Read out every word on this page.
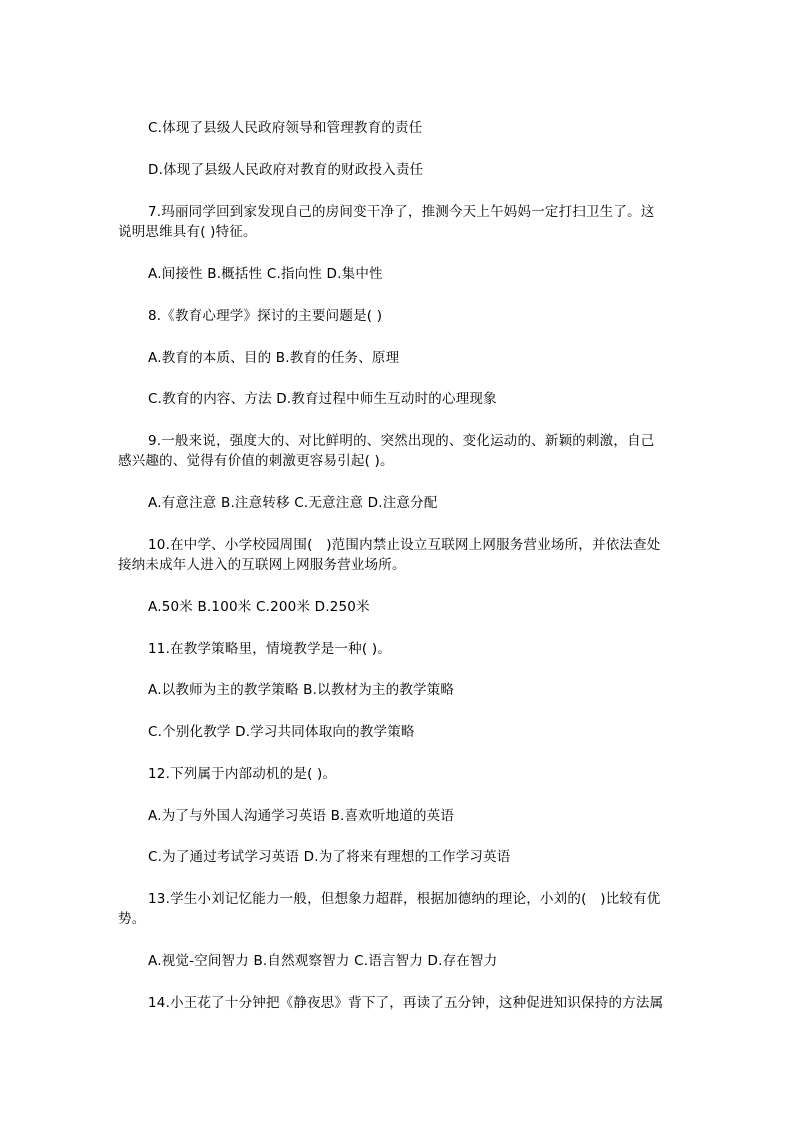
C.体现了县级人民政府领导和管理教育的责任
D.体现了县级人民政府对教育的财政投入责任
7.玛丽同学回到家发现自己的房间变干净了，推测今天上午妈妈一定打扫卫生了。这说明思维具有( )特征。
A.间接性 B.概括性 C.指向性 D.集中性
8.《教育心理学》探讨的主要问题是( )
A.教育的本质、目的 B.教育的任务、原理
C.教育的内容、方法 D.教育过程中师生互动时的心理现象
9.一般来说，强度大的、对比鲜明的、突然出现的、变化运动的、新颖的刺激，自己感兴趣的、觉得有价值的刺激更容易引起( )。
A.有意注意 B.注意转移 C.无意注意 D.注意分配
10.在中学、小学校园周围(　)范围内禁止设立互联网上网服务营业场所，并依法查处接纳未成年人进入的互联网上网服务营业场所。
A.50米 B.100米 C.200米 D.250米
11.在教学策略里，情境教学是一种( )。
A.以教师为主的教学策略 B.以教材为主的教学策略
C.个别化教学 D.学习共同体取向的教学策略
12.下列属于内部动机的是( )。
A.为了与外国人沟通学习英语 B.喜欢听地道的英语
C.为了通过考试学习英语 D.为了将来有理想的工作学习英语
13.学生小刘记忆能力一般，但想象力超群，根据加德纳的理论，小刘的(　)比较有优势。
A.视觉-空间智力 B.自然观察智力 C.语言智力 D.存在智力
14.小王花了十分钟把《静夜思》背下了，再读了五分钟，这种促进知识保持的方法属
